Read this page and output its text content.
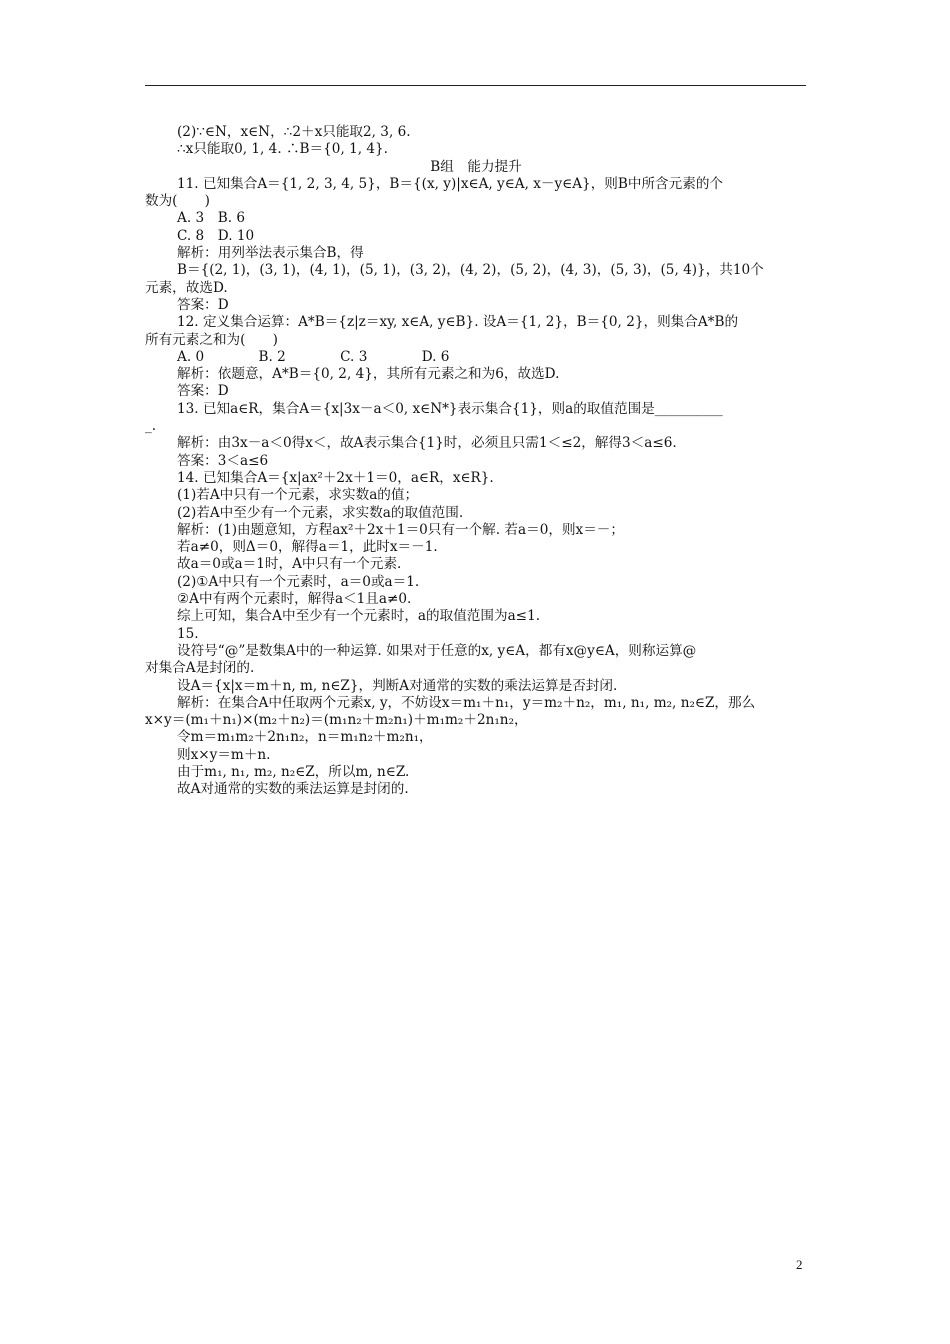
(2)∵∈N，x∈N，∴2＋x只能取2, 3, 6.
∴x只能取0, 1, 4. ∴B＝{0, 1, 4}.
B组　能力提升
11. 已知集合A＝{1, 2, 3, 4, 5}，B＝{(x, y)|x∈A, y∈A, x－y∈A}，则B中所含元素的个
数为(　　)
A. 3　B. 6
C. 8　D. 10
解析：用列举法表示集合B，得
B＝{(2, 1)，(3, 1)，(4, 1)，(5, 1)，(3, 2)，(4, 2)，(5, 2)，(4, 3)，(5, 3)，(5, 4)}，共10个
元素，故选D.
答案：D
12. 定义集合运算：A*B＝{z|z＝xy, x∈A, y∈B}. 设A＝{1, 2}，B＝{0, 2}，则集合A*B的
所有元素之和为(　　)
A. 0　　　　B. 2　　　　C. 3　　　　D. 6
解析：依题意，A*B＝{0, 2, 4}，其所有元素之和为6，故选D.
答案：D
13. 已知a∈R，集合A＝{x|3x－a＜0, x∈N*}表示集合{1}，则a的取值范围是__________
_.
解析：由3x－a＜0得x＜，故A表示集合{1}时，必须且只需1＜≤2，解得3＜a≤6.
答案：3＜a≤6
14. 已知集合A＝{x|ax²＋2x＋1＝0，a∈R，x∈R}.
(1)若A中只有一个元素，求实数a的值；
(2)若A中至少有一个元素，求实数a的取值范围.
解析：(1)由题意知，方程ax²＋2x＋1＝0只有一个解. 若a＝0，则x＝－；
若a≠0，则Δ＝0，解得a＝1，此时x＝－1.
故a＝0或a＝1时，A中只有一个元素.
(2)①A中只有一个元素时，a＝0或a＝1.
②A中有两个元素时，解得a＜1且a≠0.
综上可知，集合A中至少有一个元素时，a的取值范围为a≤1.
15.
设符号“@”是数集A中的一种运算. 如果对于任意的x, y∈A，都有x@y∈A，则称运算@
对集合A是封闭的.
设A＝{x|x＝m＋n, m, n∈Z}，判断A对通常的实数的乘法运算是否封闭.
解析：在集合A中任取两个元素x, y，不妨设x＝m₁＋n₁，y＝m₂＋n₂，m₁, n₁, m₂, n₂∈Z，那么
x×y＝(m₁＋n₁)×(m₂＋n₂)＝(m₁n₂＋m₂n₁)＋m₁m₂＋2n₁n₂，
令m＝m₁m₂＋2n₁n₂，n＝m₁n₂＋m₂n₁，
则x×y＝m＋n.
由于m₁, n₁, m₂, n₂∈Z，所以m, n∈Z.
故A对通常的实数的乘法运算是封闭的.
2
